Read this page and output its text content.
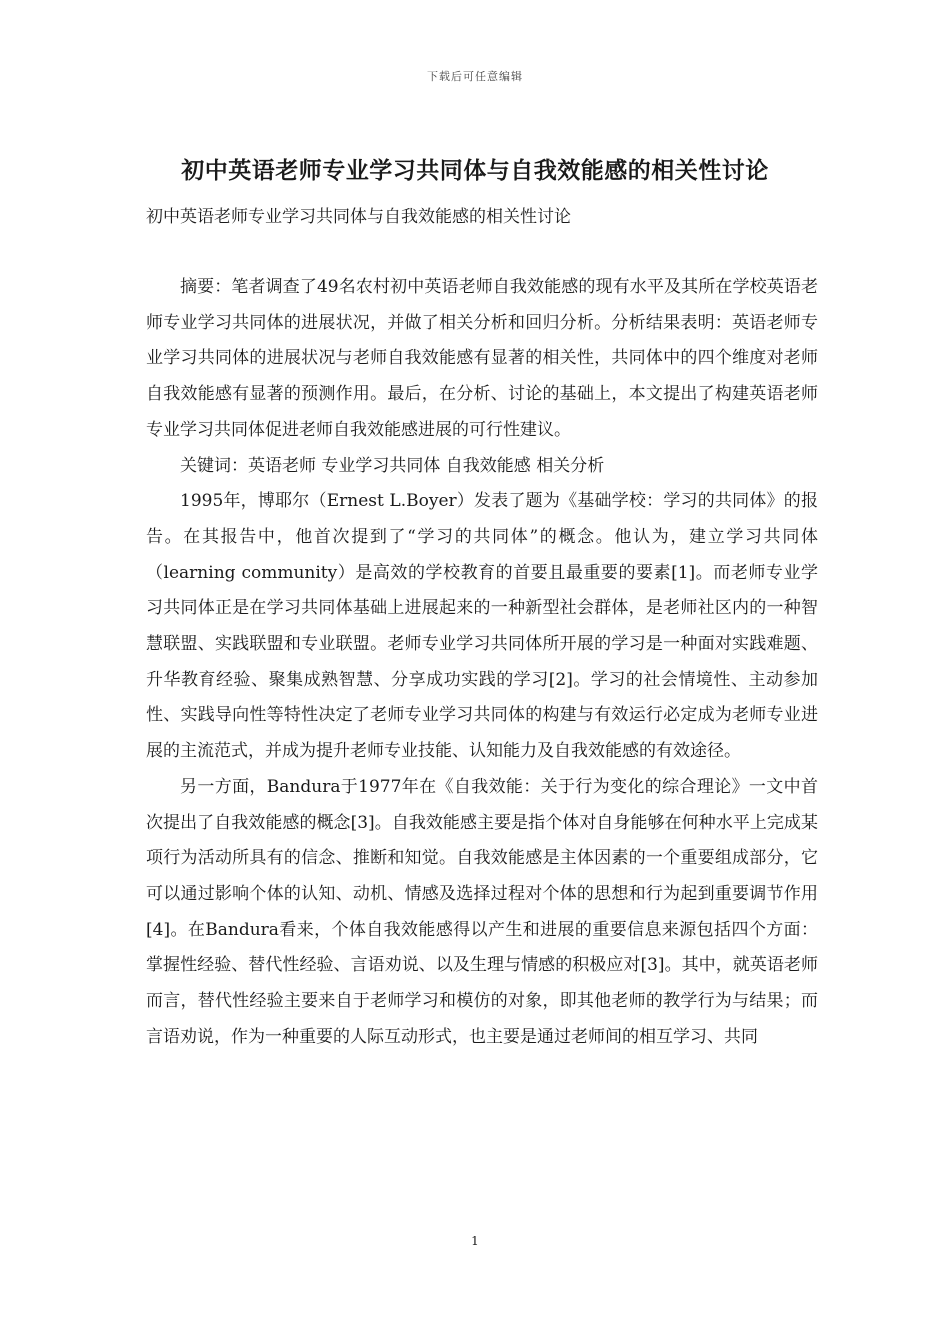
下载后可任意编辑
初中英语老师专业学习共同体与自我效能感的相关性讨论
初中英语老师专业学习共同体与自我效能感的相关性讨论

摘要：笔者调查了49名农村初中英语老师自我效能感的现有水平及其所在学校英语老师专业学习共同体的进展状况，并做了相关分析和回归分析。分析结果表明：英语老师专业学习共同体的进展状况与老师自我效能感有显著的相关性，共同体中的四个维度对老师自我效能感有显著的预测作用。最后，在分析、讨论的基础上，本文提出了构建英语老师专业学习共同体促进老师自我效能感进展的可行性建议。

关键词：英语老师 专业学习共同体 自我效能感 相关分析

1995年，博耶尔（Ernest L.Boyer）发表了题为《基础学校：学习的共同体》的报告。在其报告中，他首次提到了“学习的共同体”的概念。他认为，建立学习共同体（learning community）是高效的学校教育的首要且最重要的要素[1]。而老师专业学习共同体正是在学习共同体基础上进展起来的一种新型社会群体，是老师社区内的一种智慧联盟、实践联盟和专业联盟。老师专业学习共同体所开展的学习是一种面对实践难题、升华教育经验、聚集成熟智慧、分享成功实践的学习[2]。学习的社会情境性、主动参加性、实践导向性等特性决定了老师专业学习共同体的构建与有效运行必定成为老师专业进展的主流范式，并成为提升老师专业技能、认知能力及自我效能感的有效途径。

另一方面，Bandura于1977年在《自我效能：关于行为变化的综合理论》一文中首次提出了自我效能感的概念[3]。自我效能感主要是指个体对自身能够在何种水平上完成某项行为活动所具有的信念、推断和知觉。自我效能感是主体因素的一个重要组成部分，它可以通过影响个体的认知、动机、情感及选择过程对个体的思想和行为起到重要调节作用[4]。在Bandura看来，个体自我效能感得以产生和进展的重要信息来源包括四个方面：掌握性经验、替代性经验、言语劝说、以及生理与情感的积极应对[3]。其中，就英语老师而言，替代性经验主要来自于老师学习和模仿的对象，即其他老师的教学行为与结果；而言语劝说，作为一种重要的人际互动形式，也主要是通过老师间的相互学习、共同

1
